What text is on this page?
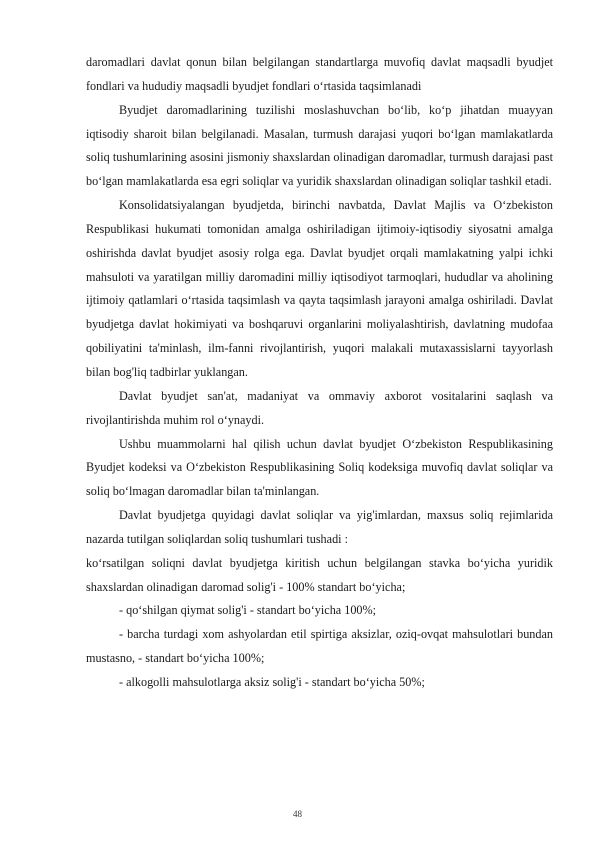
daromadlari davlat qonun bilan belgilangan standartlarga muvofiq davlat maqsadli byudjet fondlari va hududiy maqsadli byudjet fondlari o‘rtasida taqsimlanadi

Byudjet daromadlarining tuzilishi moslashuvchan bo‘lib, ko‘p jihatdan muayyan iqtisodiy sharoit bilan belgilanadi. Masalan, turmush darajasi yuqori bo‘lgan mamlakatlarda soliq tushumlarining asosini jismoniy shaxslardan olinadigan daromadlar, turmush darajasi past bo‘lgan mamlakatlarda esa egri soliqlar va yuridik shaxslardan olinadigan soliqlar tashkil etadi.

Konsolidatsiyalangan byudjetda, birinchi navbatda, Davlat Majlis va O‘zbekiston Respublikasi hukumati tomonidan amalga oshiriladigan ijtimoiy-iqtisodiy siyosatni amalga oshirishda davlat byudjet asosiy rolga ega. Davlat byudjet orqali mamlakatning yalpi ichki mahsuloti va yaratilgan milliy daromadini milliy iqtisodiyot tarmoqlari, hududlar va aholining ijtimoiy qatlamlari o‘rtasida taqsimlash va qayta taqsimlash jarayoni amalga oshiriladi. Davlat byudjetga davlat hokimiyati va boshqaruvi organlarini moliyalashtirish, davlatning mudofaa qobiliyatini ta'minlash, ilm-fanni rivojlantirish, yuqori malakali mutaxassislarni tayyorlash bilan bog'liq tadbirlar yuklangan.

Davlat byudjet san'at, madaniyat va ommaviy axborot vositalarini saqlash va rivojlantirishda muhim rol o‘ynaydi.

Ushbu muammolarni hal qilish uchun davlat byudjet O‘zbekiston Respublikasining Byudjet kodeksi va O‘zbekiston Respublikasining Soliq kodeksiga muvofiq davlat soliqlar va soliq bo‘lmagan daromadlar bilan ta'minlangan.

Davlat byudjetga quyidagi davlat soliqlar va yig'imlardan, maxsus soliq rejimlarida nazarda tutilgan soliqlardan soliq tushumlari tushadi :

ko‘rsatilgan soliqni davlat byudjetga kiritish uchun belgilangan stavka bo‘yicha yuridik shaxslardan olinadigan daromad solig'i - 100% standart bo‘yicha;

- qo‘shilgan qiymat solig'i - standart bo‘yicha 100%;

- barcha turdagi xom ashyolardan etil spirtiga aksizlar, oziq-ovqat mahsulotlari bundan mustasno, - standart bo‘yicha 100%;

- alkogolli mahsulotlarga aksiz solig'i - standart bo‘yicha 50%;

48
